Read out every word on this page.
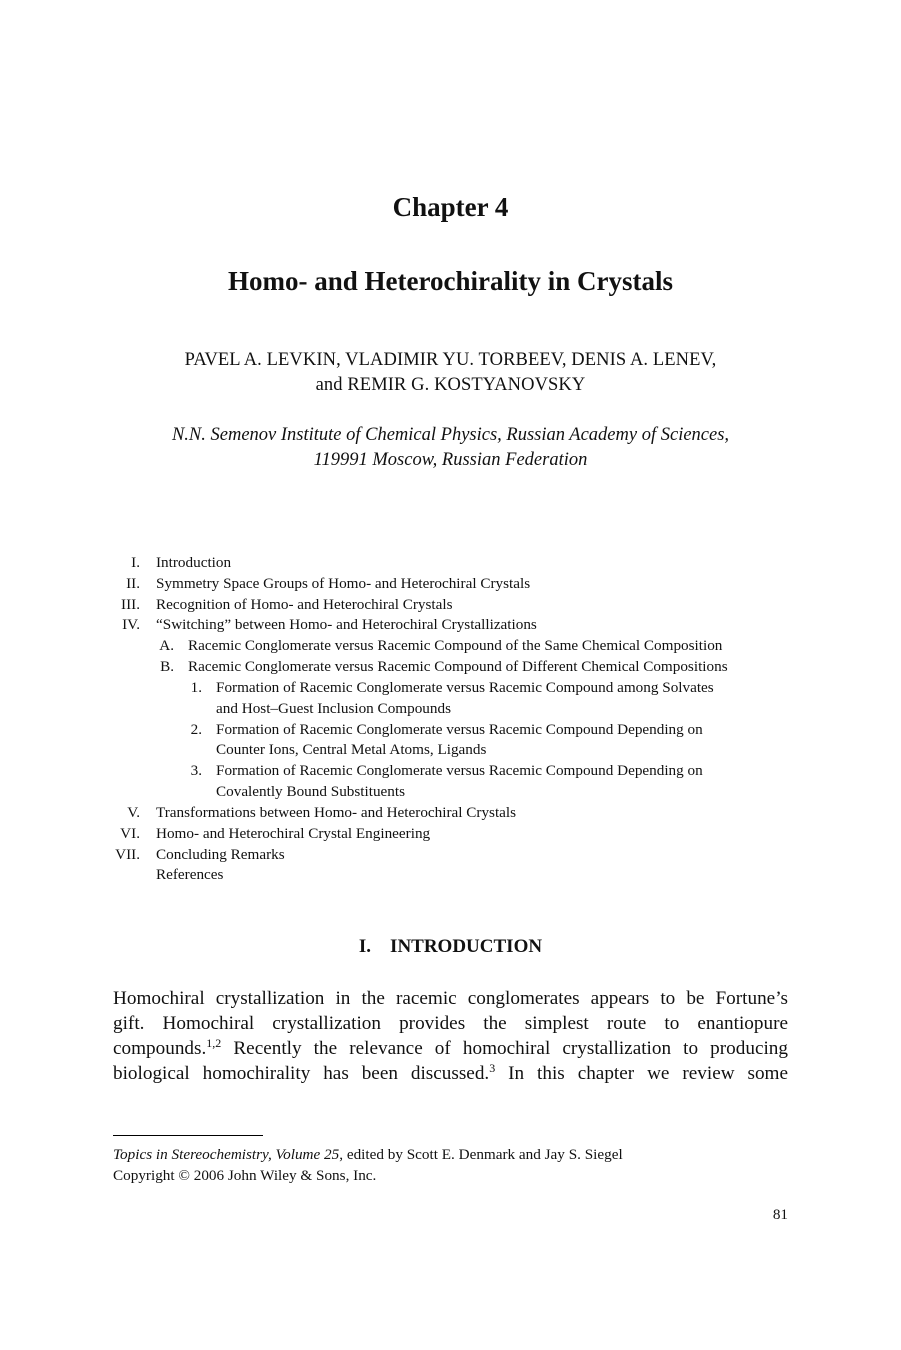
Chapter 4
Homo- and Heterochirality in Crystals
PAVEL A. LEVKIN, VLADIMIR YU. TORBEEV, DENIS A. LENEV,
and REMIR G. KOSTYANOVSKY
N.N. Semenov Institute of Chemical Physics, Russian Academy of Sciences,
119991 Moscow, Russian Federation
I. Introduction
II. Symmetry Space Groups of Homo- and Heterochiral Crystals
III. Recognition of Homo- and Heterochiral Crystals
IV. “Switching” between Homo- and Heterochiral Crystallizations
A. Racemic Conglomerate versus Racemic Compound of the Same Chemical Composition
B. Racemic Conglomerate versus Racemic Compound of Different Chemical Compositions
1. Formation of Racemic Conglomerate versus Racemic Compound among Solvates
and Host–Guest Inclusion Compounds
2. Formation of Racemic Conglomerate versus Racemic Compound Depending on
Counter Ions, Central Metal Atoms, Ligands
3. Formation of Racemic Conglomerate versus Racemic Compound Depending on
Covalently Bound Substituents
V. Transformations between Homo- and Heterochiral Crystals
VI. Homo- and Heterochiral Crystal Engineering
VII. Concluding Remarks
References
I.    INTRODUCTION
Homochiral crystallization in the racemic conglomerates appears to be Fortune’s
gift. Homochiral crystallization provides the simplest route to enantiopure
compounds.$^{1,2}$ Recently the relevance of homochiral crystallization to producing
biological homochirality has been discussed.$^3$ In this chapter we review some
Topics in Stereochemistry, Volume 25, edited by Scott E. Denmark and Jay S. Siegel
Copyright © 2006 John Wiley & Sons, Inc.
81
